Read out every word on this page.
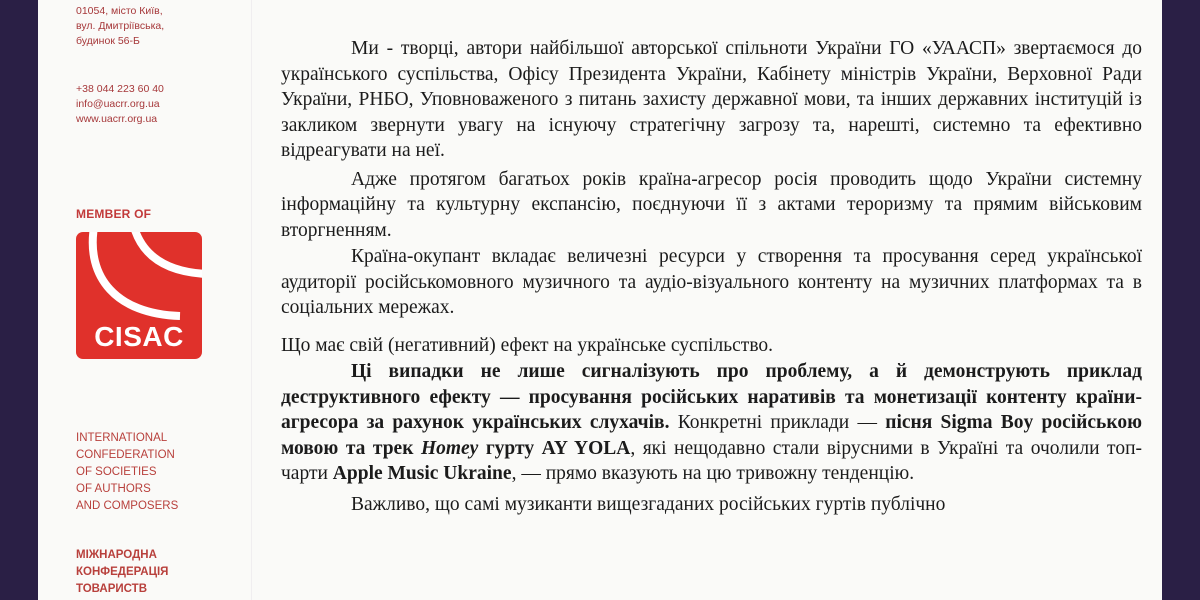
01054, місто Київ,
вул. Дмитріївська,
будинок 56-Б
+38 044 223 60 40
info@uacrr.org.ua
www.uacrr.org.ua
MEMBER OF
CISAC
INTERNATIONAL
CONFEDERATION
OF SOCIETIES
OF AUTHORS
AND COMPOSERS
МІЖНАРОДНА
КОНФЕДЕРАЦІЯ
ТОВАРИСТВ

Ми - творці, автори найбільшої авторської спільноти України ГО «УААСП» звертаємося до українського суспільства, Офісу Президента України, Кабінету міністрів України, Верховної Ради України, РНБО, Уповноваженого з питань захисту державної мови, та інших державних інституцій із закликом звернути увагу на існуючу стратегічну загрозу та, нарешті, системно та ефективно відреагувати на неї.

Адже протягом багатьох років країна-агресор росія проводить щодо України системну інформаційну та культурну експансію, поєднуючи її з актами тероризму та прямим військовим вторгненням.

Країна-окупант вкладає величезні ресурси у створення та просування серед української аудиторії російськомовного музичного та аудіо-візуального контенту на музичних платформах та в соціальних мережах.

Що має свій (негативний) ефект на українське суспільство.

Ці випадки не лише сигналізують про проблему, а й демонструють приклад деструктивного ефекту — просування російських наративів та монетизації контенту країни-агресора за рахунок українських слухачів. Конкретні приклади — пісня Sigma Boy російською мовою та трек Homey гурту AY YOLA, які нещодавно стали вірусними в Україні та очолили топ-чарти Apple Music Ukraine, — прямо вказують на цю тривожну тенденцію.

Важливо, що самі музиканти вищезгаданих російських гуртів публічно
